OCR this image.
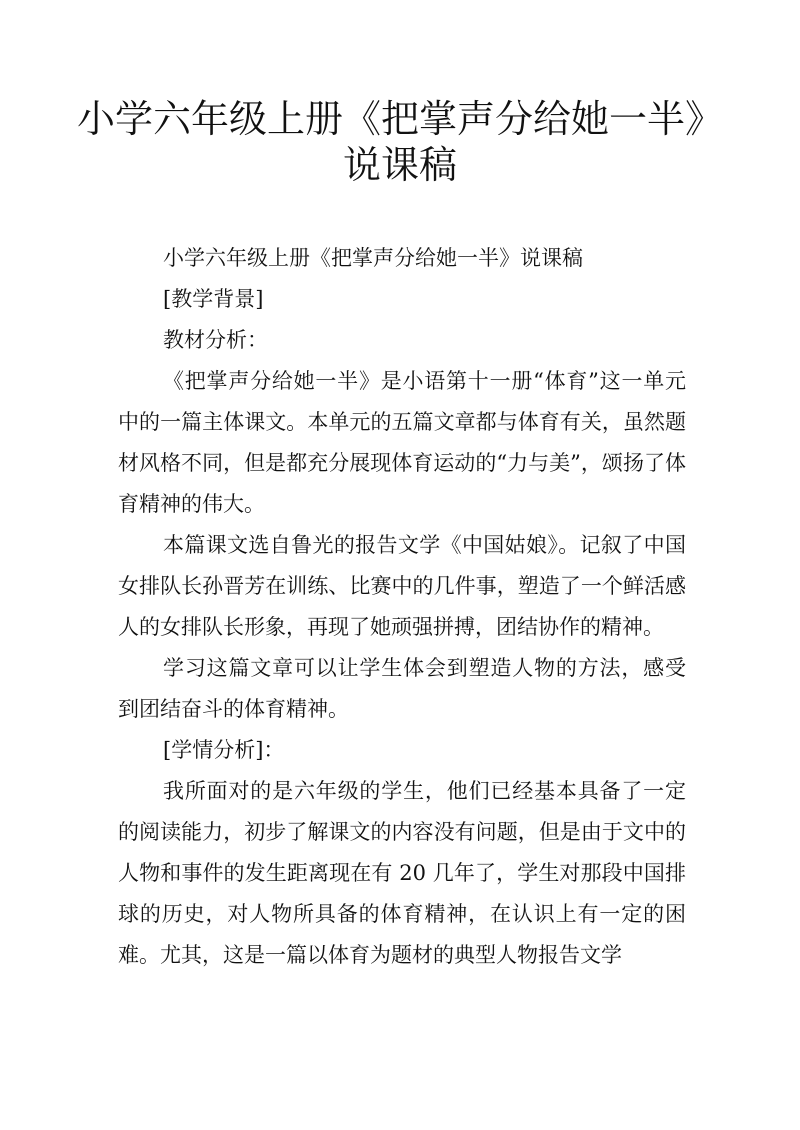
小学六年级上册《把掌声分给她一半》
说课稿

小学六年级上册《把掌声分给她一半》说课稿

[教学背景]

教材分析：

《把掌声分给她一半》是小语第十一册“体育”这一单元中的一篇主体课文。本单元的五篇文章都与体育有关，虽然题材风格不同，但是都充分展现体育运动的“力与美”，颂扬了体育精神的伟大。

本篇课文选自鲁光的报告文学《中国姑娘》。记叙了中国女排队长孙晋芳在训练、比赛中的几件事，塑造了一个鲜活感人的女排队长形象，再现了她顽强拼搏，团结协作的精神。

学习这篇文章可以让学生体会到塑造人物的方法，感受到团结奋斗的体育精神。

[学情分析]：

我所面对的是六年级的学生，他们已经基本具备了一定的阅读能力，初步了解课文的内容没有问题，但是由于文中的人物和事件的发生距离现在有 20 几年了，学生对那段中国排球的历史，对人物所具备的体育精神，在认识上有一定的困难。尤其，这是一篇以体育为题材的典型人物报告文学
